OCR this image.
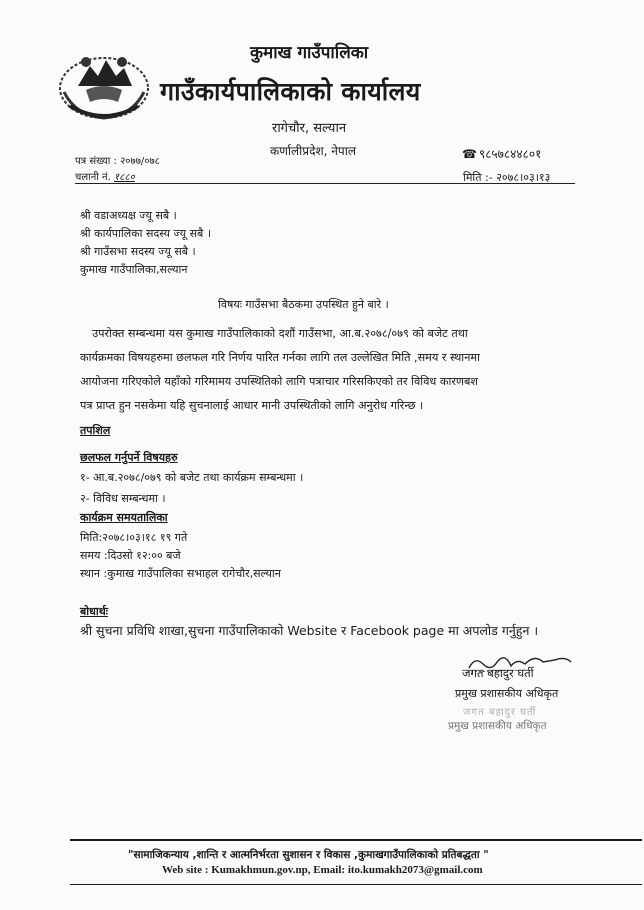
कुमाख गाउँपालिका
गाउँकार्यपालिकाको कार्यालय
रागेचौर, सल्यान
कर्णालीप्रदेश, नेपाल	☎ ९८५७८४४८०१
पत्र संख्या : २०७७/०७८
चलानी नं. १८८०	मिति :- २०७८।०३।१३
श्री वडाअध्यक्ष ज्यू सबै ।
श्री कार्यपालिका सदस्य ज्यू सबै ।
श्री गाउँसभा सदस्य ज्यू सबै ।
कुमाख गाउँपालिका,सल्यान
विषयः गाउँसभा बैठकमा उपस्थित हुने बारे ।

उपरोक्त सम्बन्धमा यस कुमाख गाउँपालिकाको दशौं गाउँसभा, आ.ब.२०७८/०७९ को बजेट तथा

कार्यक्रमका विषयहरुमा छलफल गरि निर्णय पारित गर्नका लागि तल उल्लेखित मिति ,समय र स्थानमा

आयोजना गरिएकोले यहाँको गरिमामय उपस्थितिको लागि पत्राचार गरिसकिएको तर विविध कारणबश

पत्र प्राप्त हुन नसकेमा यहि सुचनालाई आधार मानी उपस्थितीको लागि अनुरोध गरिन्छ ।

तपशिल
छलफल गर्नुपर्ने विषयहरु
१- आ.ब.२०७८/०७९ को बजेट तथा कार्यक्रम सम्बन्धमा ।
२- विविध सम्बन्धमा ।
कार्यक्रम समयतालिका
मिति:२०७८।०३।१८ १९ गते
समय :दिउसो १२:०० बजे
स्थान :कुमाख गाउँपालिका सभाहल रागेचौर,सल्यान
बोधार्थः
श्री सुचना प्रविधि शाखा,सुचना गाउँपालिकाको Website र Facebook page मा अपलोड गर्नुहुन ।
जगत बहादुर घर्ती
प्रमुख प्रशासकीय अधिकृत
जगत बहादुर घर्ती
प्रमुख प्रशासकीय अधिकृत
"सामाजिकन्याय ,शान्ति र आत्मनिर्भरता सुशासन र विकास ,कुमाखगाउँपालिकाको प्रतिबद्धता "
Web site : Kumakhmun.gov.np, Email: ito.kumakh2073@gmail.com
